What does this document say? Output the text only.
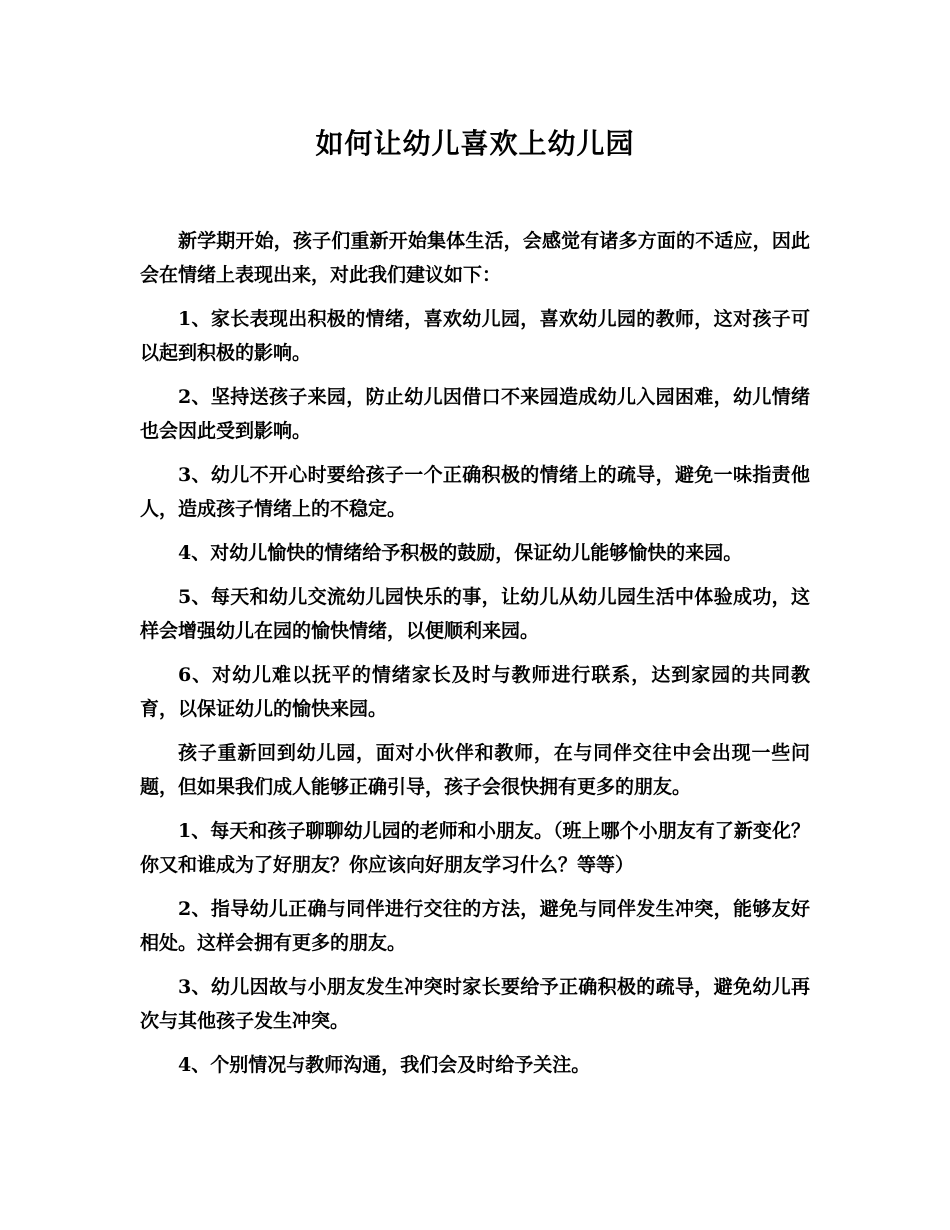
如何让幼儿喜欢上幼儿园

新学期开始，孩子们重新开始集体生活，会感觉有诸多方面的不适应，因此会在情绪上表现出来，对此我们建议如下：

1、家长表现出积极的情绪，喜欢幼儿园，喜欢幼儿园的教师，这对孩子可以起到积极的影响。

2、坚持送孩子来园，防止幼儿因借口不来园造成幼儿入园困难，幼儿情绪也会因此受到影响。

3、幼儿不开心时要给孩子一个正确积极的情绪上的疏导，避免一味指责他人，造成孩子情绪上的不稳定。

4、对幼儿愉快的情绪给予积极的鼓励，保证幼儿能够愉快的来园。

5、每天和幼儿交流幼儿园快乐的事，让幼儿从幼儿园生活中体验成功，这样会增强幼儿在园的愉快情绪，以便顺利来园。

6、对幼儿难以抚平的情绪家长及时与教师进行联系，达到家园的共同教育，以保证幼儿的愉快来园。

孩子重新回到幼儿园，面对小伙伴和教师，在与同伴交往中会出现一些问题，但如果我们成人能够正确引导，孩子会很快拥有更多的朋友。

1、每天和孩子聊聊幼儿园的老师和小朋友。（班上哪个小朋友有了新变化？你又和谁成为了好朋友？你应该向好朋友学习什么？等等）

2、指导幼儿正确与同伴进行交往的方法，避免与同伴发生冲突，能够友好相处。这样会拥有更多的朋友。

3、幼儿因故与小朋友发生冲突时家长要给予正确积极的疏导，避免幼儿再次与其他孩子发生冲突。

4、个别情况与教师沟通，我们会及时给予关注。
